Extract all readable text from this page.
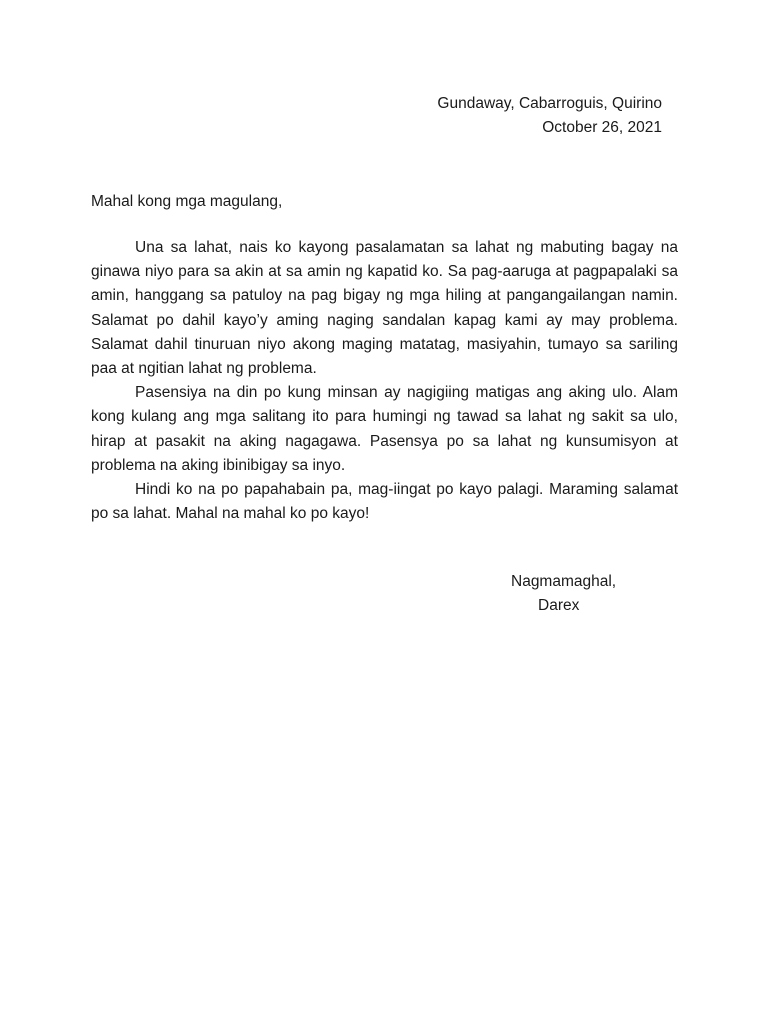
Gundaway, Cabarroguis, Quirino
October 26, 2021
Mahal kong mga magulang,

Una sa lahat, nais ko kayong pasalamatan sa lahat ng mabuting bagay na ginawa niyo para sa akin at sa amin ng kapatid ko. Sa pag-aaruga at pagpapalaki sa amin, hanggang sa patuloy na pag bigay ng mga hiling at pangangailangan namin. Salamat po dahil kayo’y aming naging sandalan kapag kami ay may problema. Salamat dahil tinuruan niyo akong maging matatag, masiyahin, tumayo sa sariling paa at ngitian lahat ng problema.

Pasensiya na din po kung minsan ay nagigiing matigas ang aking ulo. Alam kong kulang ang mga salitang ito para humingi ng tawad sa lahat ng sakit sa ulo, hirap at pasakit na aking nagagawa. Pasensya po sa lahat ng kunsumisyon at problema na aking ibinibigay sa inyo.

Hindi ko na po papahabain pa, mag-iingat po kayo palagi. Maraming salamat po sa lahat. Mahal na mahal ko po kayo!

Nagmamaghal,
Darex
